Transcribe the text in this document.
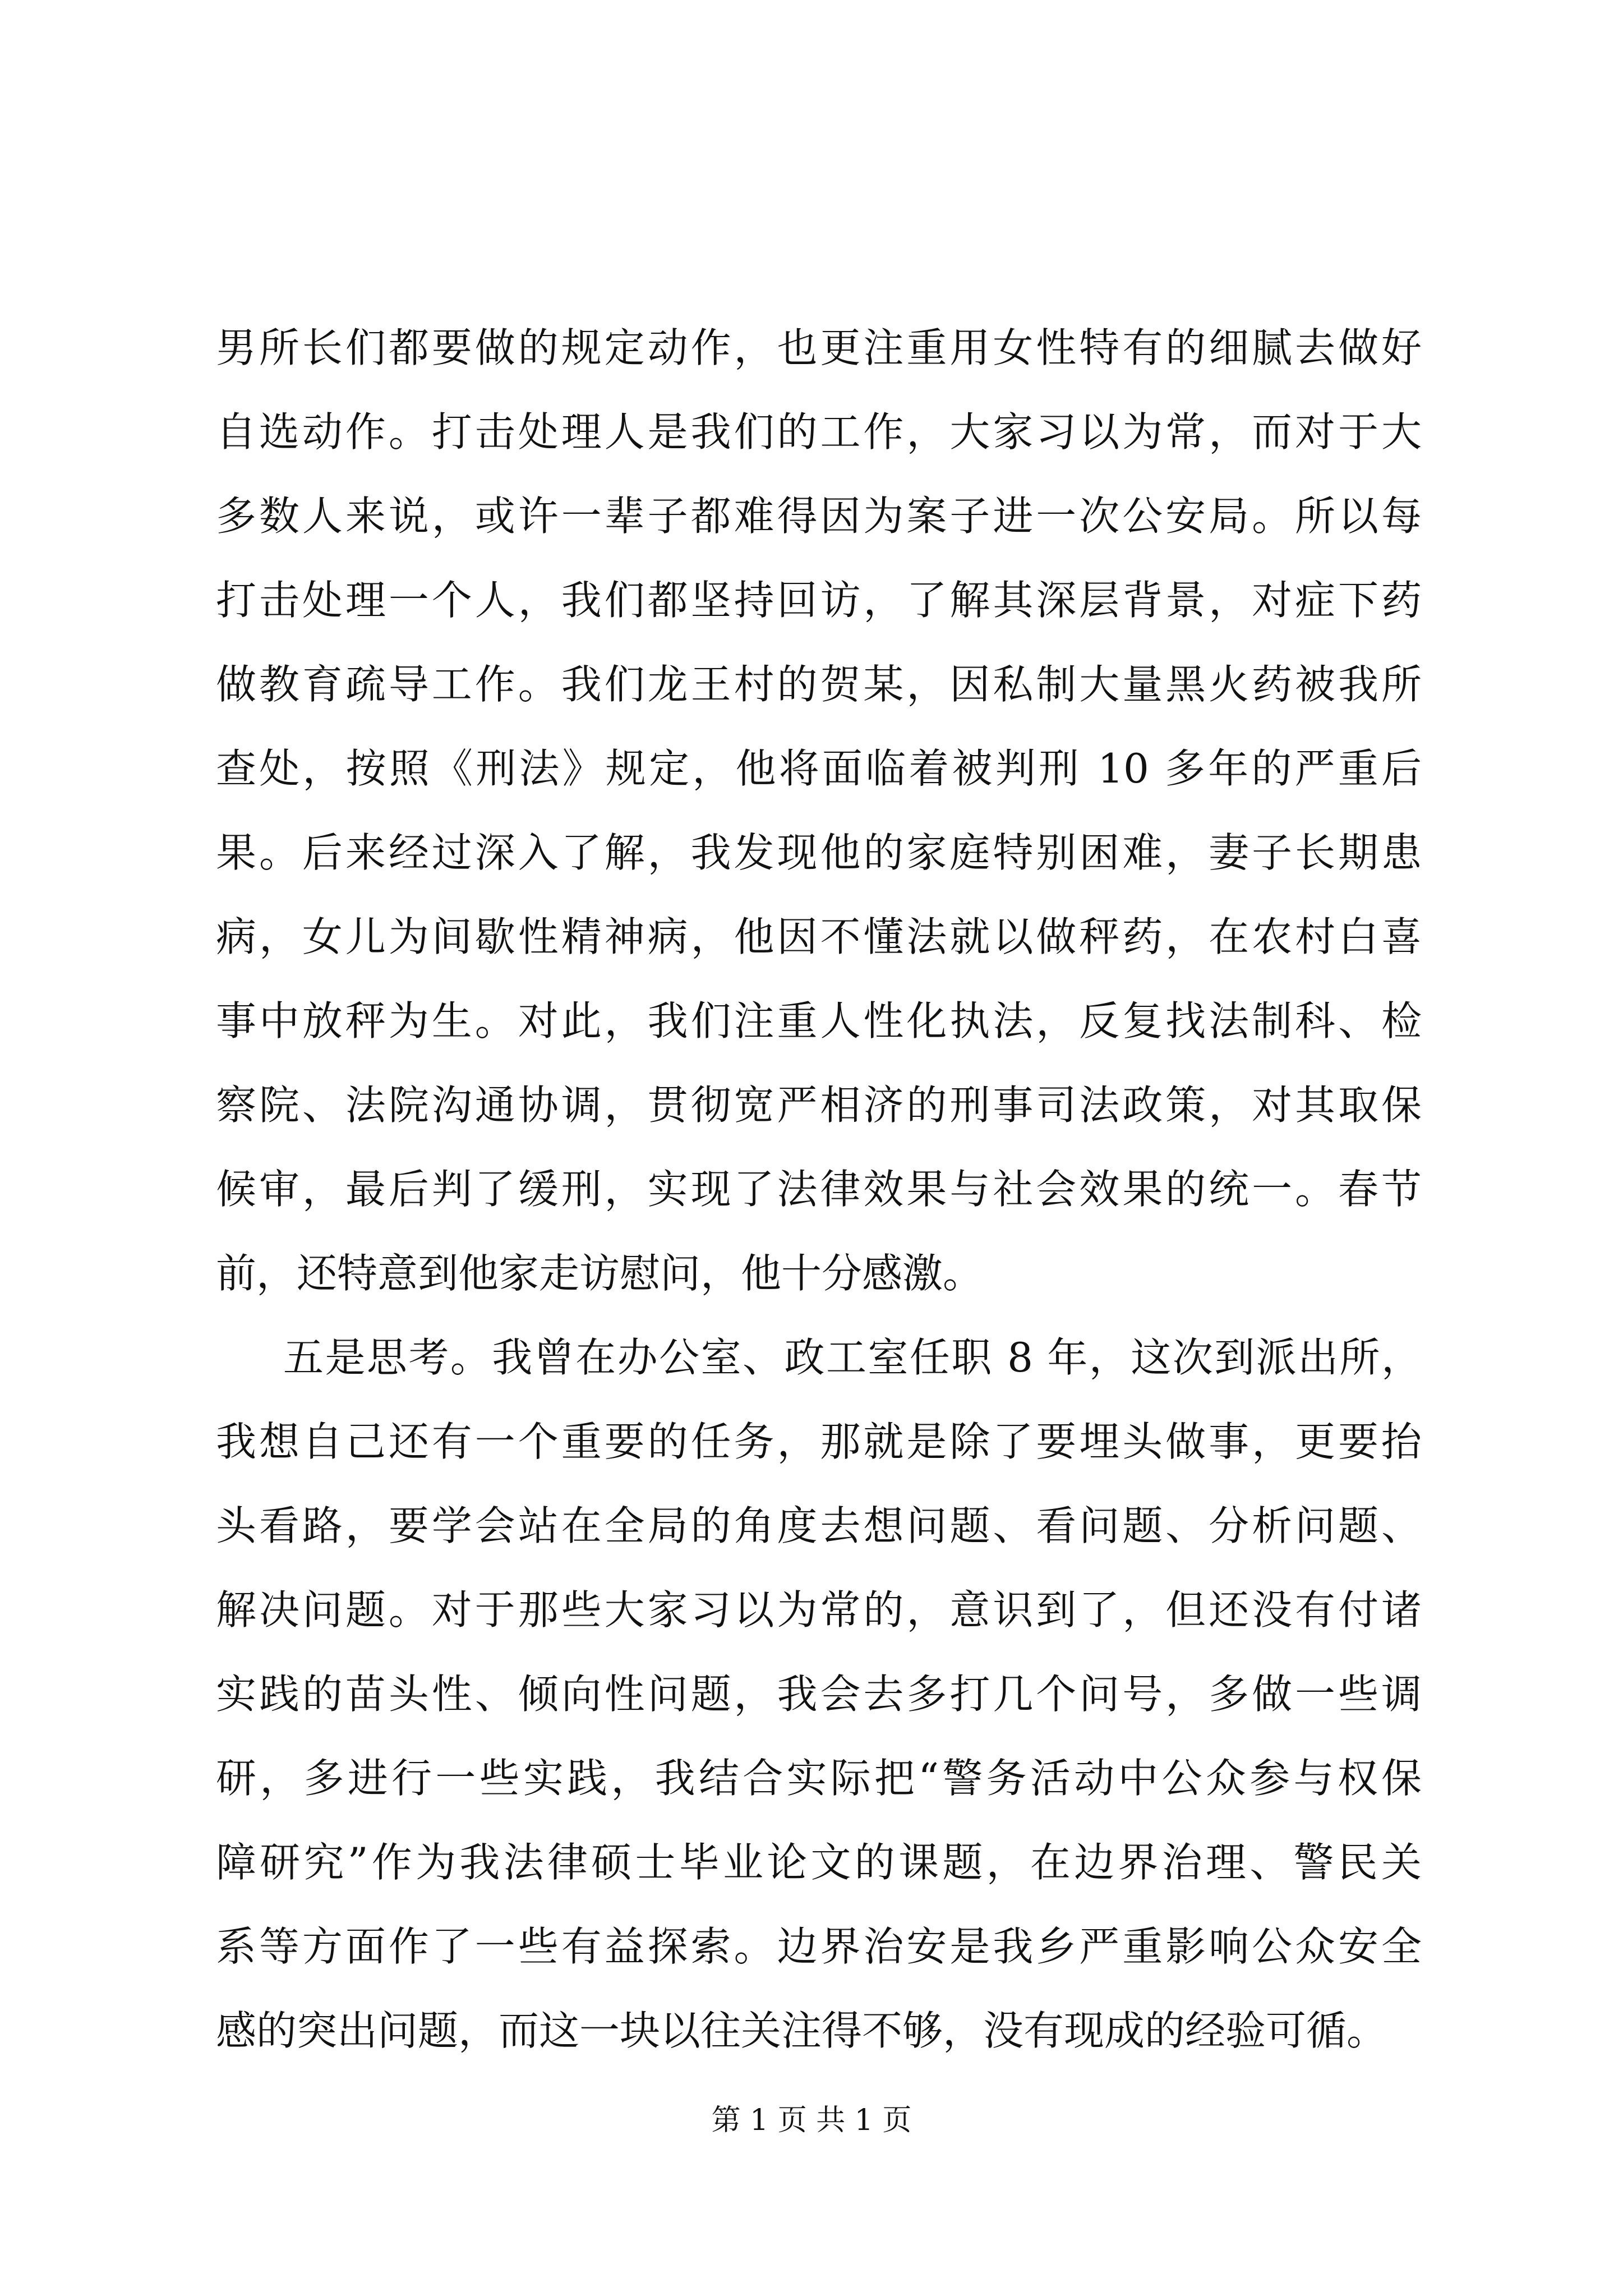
男所长们都要做的规定动作，也更注重用女性特有的细腻去做好
自选动作。打击处理人是我们的工作，大家习以为常，而对于大
多数人来说，或许一辈子都难得因为案子进一次公安局。所以每
打击处理一个人，我们都坚持回访，了解其深层背景，对症下药
做教育疏导工作。我们龙王村的贺某，因私制大量黑火药被我所
查处，按照《刑法》规定，他将面临着被判刑 10 多年的严重后
果。后来经过深入了解，我发现他的家庭特别困难，妻子长期患
病，女儿为间歇性精神病，他因不懂法就以做秤药，在农村白喜
事中放秤为生。对此，我们注重人性化执法，反复找法制科、检
察院、法院沟通协调，贯彻宽严相济的刑事司法政策，对其取保
候审，最后判了缓刑，实现了法律效果与社会效果的统一。春节
前，还特意到他家走访慰问，他十分感激。
五是思考。我曾在办公室、政工室任职 8 年，这次到派出所，
我想自己还有一个重要的任务，那就是除了要埋头做事，更要抬
头看路，要学会站在全局的角度去想问题、看问题、分析问题、
解决问题。对于那些大家习以为常的，意识到了，但还没有付诸
实践的苗头性、倾向性问题，我会去多打几个问号，多做一些调
研，多进行一些实践，我结合实际把“警务活动中公众参与权保
障研究”作为我法律硕士毕业论文的课题，在边界治理、警民关
系等方面作了一些有益探索。边界治安是我乡严重影响公众安全
感的突出问题，而这一块以往关注得不够，没有现成的经验可循。
第 1 页 共 1 页
